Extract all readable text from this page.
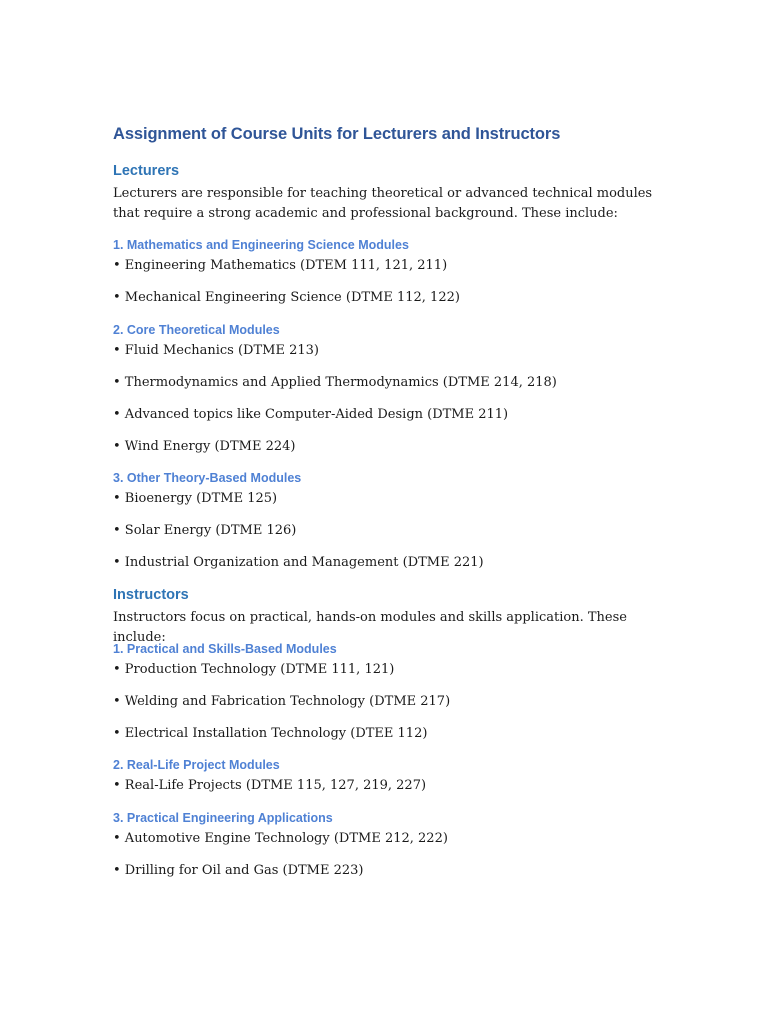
Assignment of Course Units for Lecturers and Instructors
Lecturers
Lecturers are responsible for teaching theoretical or advanced technical modules that require a strong academic and professional background. These include:
1. Mathematics and Engineering Science Modules
• Engineering Mathematics (DTEM 111, 121, 211)
• Mechanical Engineering Science (DTME 112, 122)
2. Core Theoretical Modules
• Fluid Mechanics (DTME 213)
• Thermodynamics and Applied Thermodynamics (DTME 214, 218)
• Advanced topics like Computer-Aided Design (DTME 211)
• Wind Energy (DTME 224)
3. Other Theory-Based Modules
• Bioenergy (DTME 125)
• Solar Energy (DTME 126)
• Industrial Organization and Management (DTME 221)
Instructors
Instructors focus on practical, hands-on modules and skills application. These include:
1. Practical and Skills-Based Modules
• Production Technology (DTME 111, 121)
• Welding and Fabrication Technology (DTME 217)
• Electrical Installation Technology (DTEE 112)
2. Real-Life Project Modules
• Real-Life Projects (DTME 115, 127, 219, 227)
3. Practical Engineering Applications
• Automotive Engine Technology (DTME 212, 222)
• Drilling for Oil and Gas (DTME 223)
